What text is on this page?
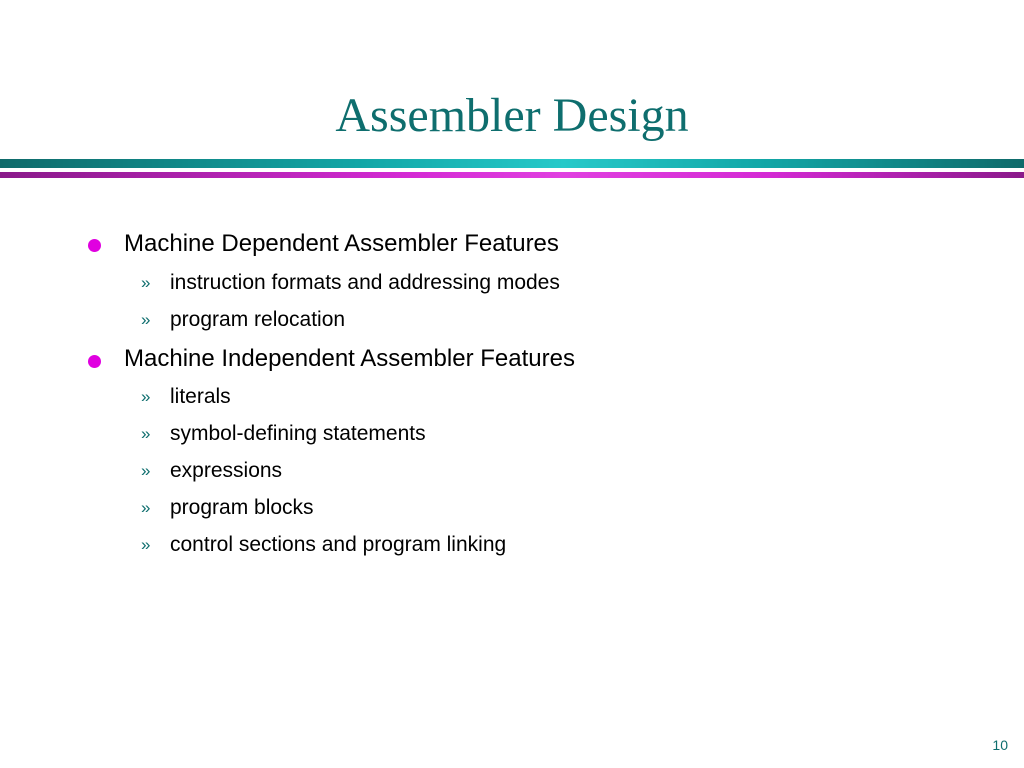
Assembler Design
Machine Dependent Assembler Features
» instruction formats and addressing modes
» program relocation
Machine Independent Assembler Features
» literals
» symbol-defining statements
» expressions
» program blocks
» control sections and program linking
10
